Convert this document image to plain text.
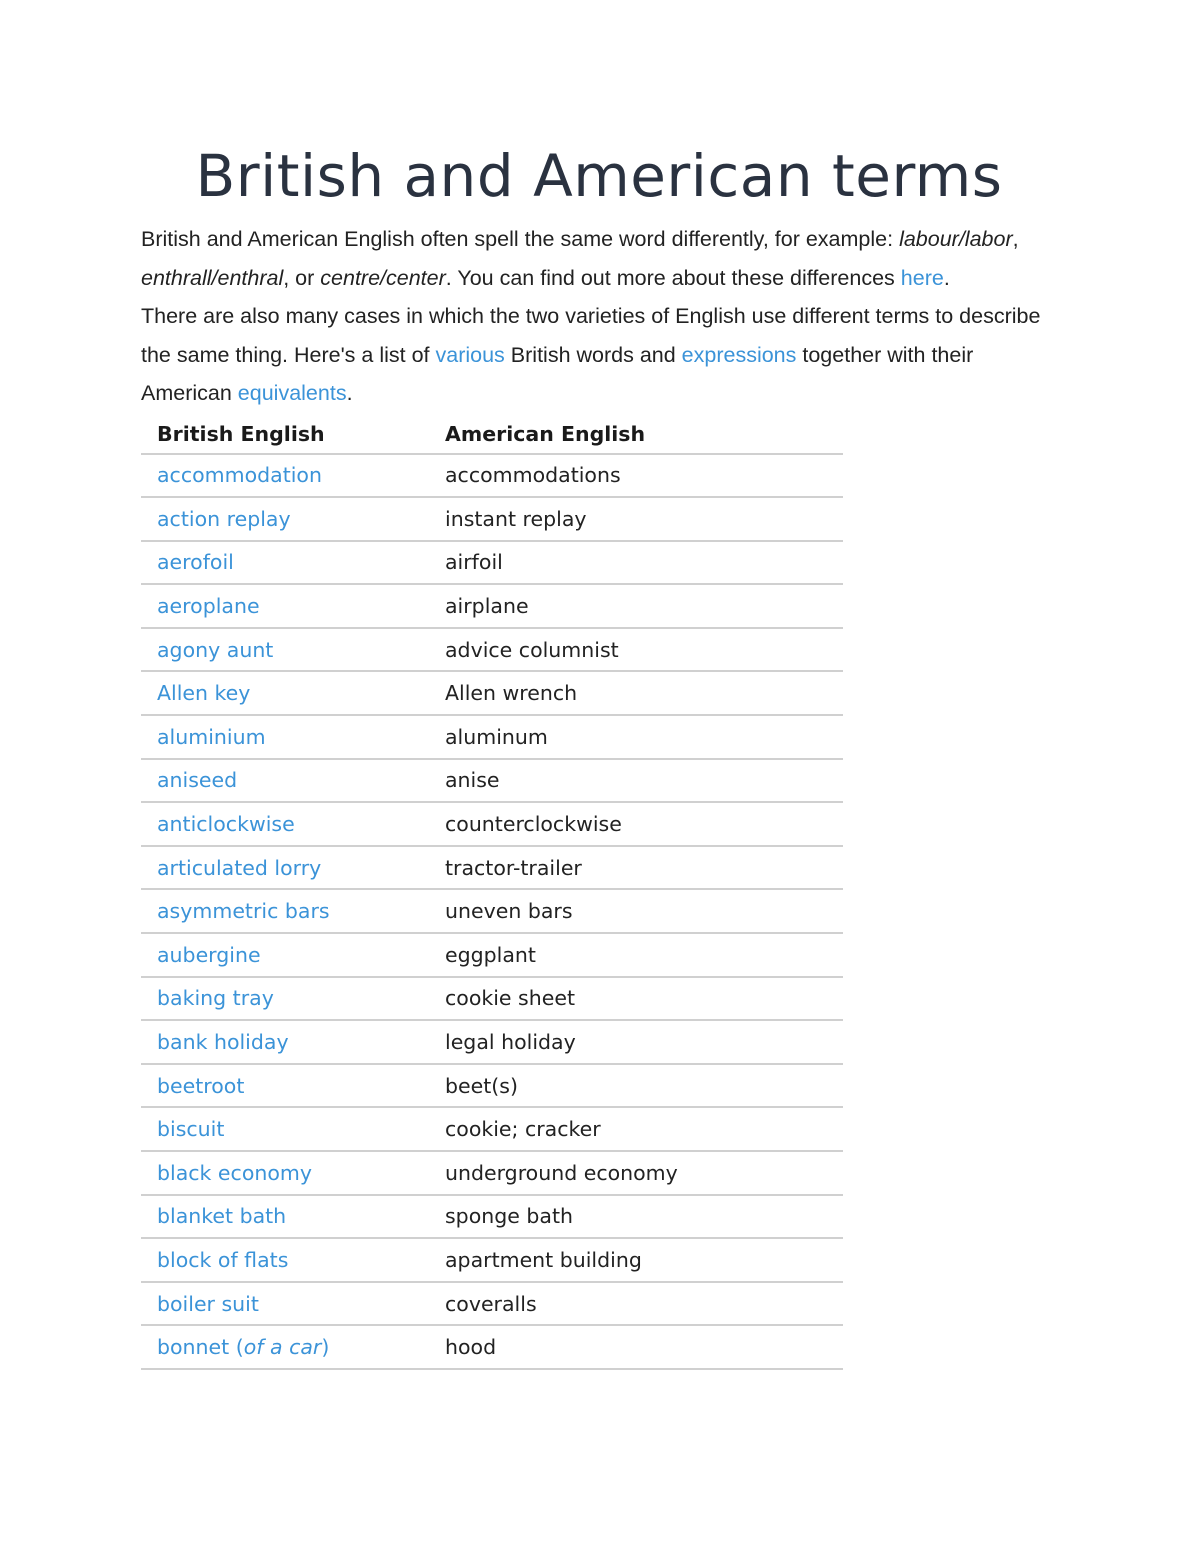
British and American terms

British and American English often spell the same word differently, for example: labour/labor, enthrall/enthral, or centre/center. You can find out more about these differences here.

There are also many cases in which the two varieties of English use different terms to describe the same thing. Here's a list of various British words and expressions together with their American equivalents.

British English	American English
accommodation	accommodations
action replay	instant replay
aerofoil	airfoil
aeroplane	airplane
agony aunt	advice columnist
Allen key	Allen wrench
aluminium	aluminum
aniseed	anise
anticlockwise	counterclockwise
articulated lorry	tractor-trailer
asymmetric bars	uneven bars
aubergine	eggplant
baking tray	cookie sheet
bank holiday	legal holiday
beetroot	beet(s)
biscuit	cookie; cracker
black economy	underground economy
blanket bath	sponge bath
block of flats	apartment building
boiler suit	coveralls
bonnet (of a car)	hood
